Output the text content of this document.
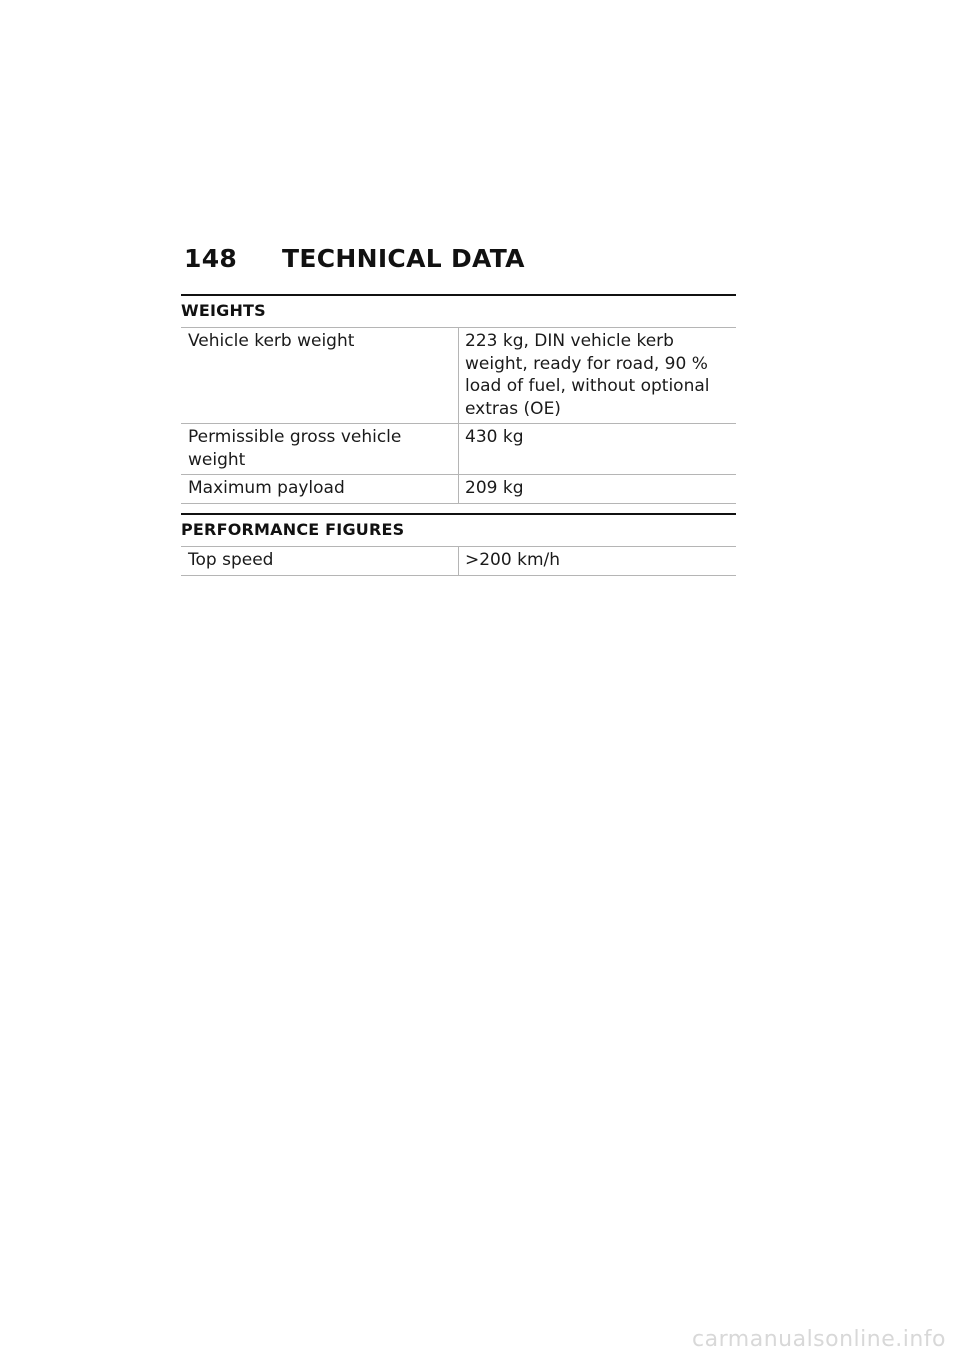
148	TECHNICAL DATA
WEIGHTS
Vehicle kerb weight	223 kg, DIN vehicle kerb weight, ready for road, 90 % load of fuel, without optional extras (OE)
Permissible gross vehicle weight	430 kg
Maximum payload	209 kg
PERFORMANCE FIGURES
Top speed	>200 km/h
carmanualsonline.info
